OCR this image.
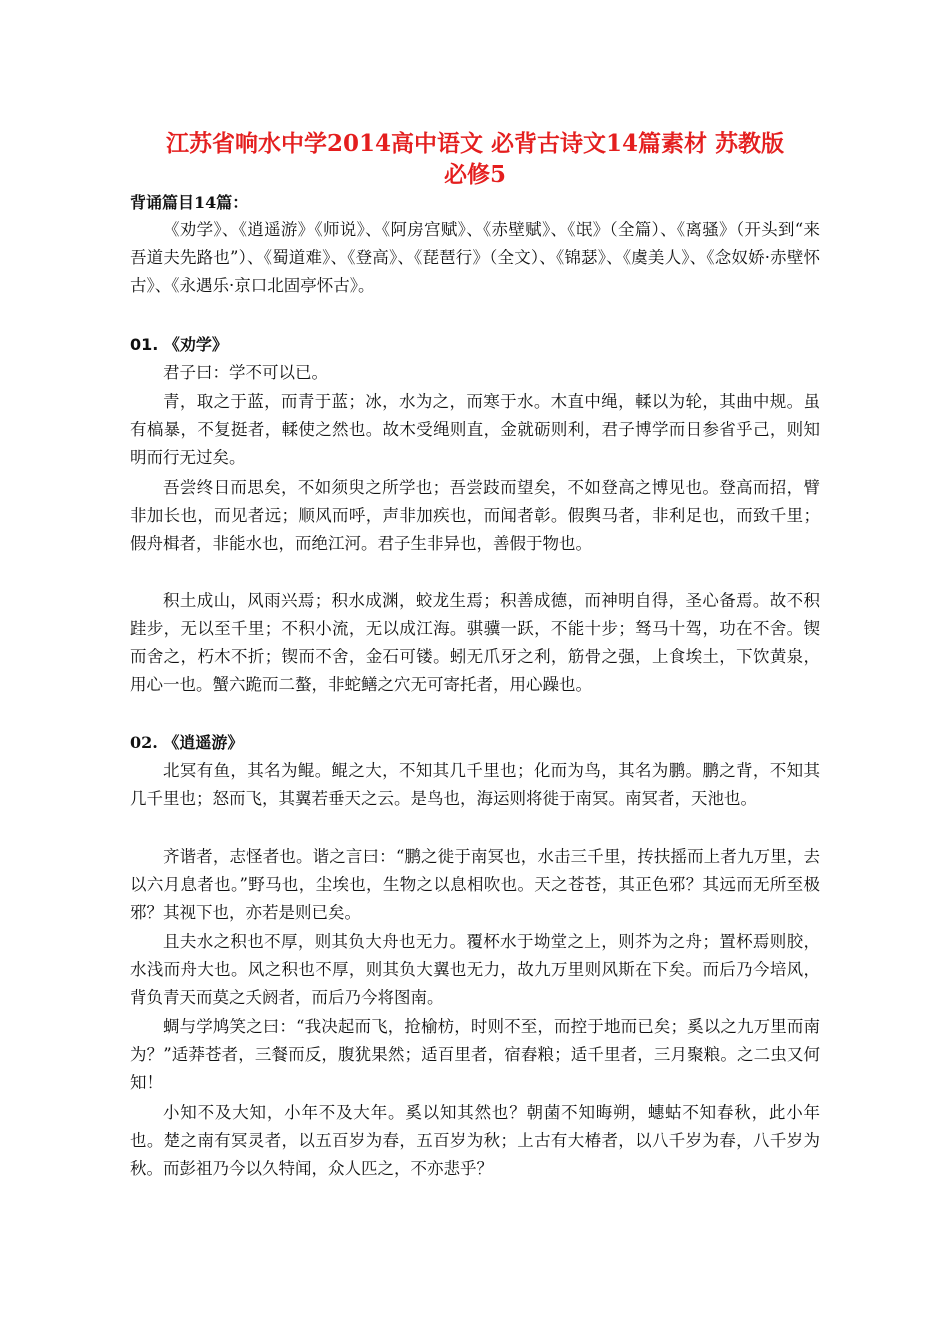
江苏省响水中学2014高中语文 必背古诗文14篇素材 苏教版
必修5
背诵篇目14篇：

《劝学》、《逍遥游》《师说》、《阿房宫赋》、《赤壁赋》、《氓》（全篇）、《离骚》（开头到“来吾道夫先路也”）、《蜀道难》、《登高》、《琵琶行》（全文）、《锦瑟》、《虞美人》、《念奴娇·赤壁怀古》、《永遇乐·京口北固亭怀古》。

01. 《劝学》

君子曰：学不可以已。

青，取之于蓝，而青于蓝；冰，水为之，而寒于水。木直中绳，輮以为轮，其曲中规。虽有槁暴，不复挺者，輮使之然也。故木受绳则直，金就砺则利，君子博学而日参省乎己，则知明而行无过矣。

吾尝终日而思矣，不如须臾之所学也；吾尝跂而望矣，不如登高之博见也。登高而招，臂非加长也，而见者远；顺风而呼，声非加疾也，而闻者彰。假舆马者，非利足也，而致千里；假舟楫者，非能水也，而绝江河。君子生非异也，善假于物也。

积土成山，风雨兴焉；积水成渊，蛟龙生焉；积善成德，而神明自得，圣心备焉。故不积跬步，无以至千里；不积小流，无以成江海。骐骥一跃，不能十步；驽马十驾，功在不舍。锲而舍之，朽木不折；锲而不舍，金石可镂。蚓无爪牙之利，筋骨之强，上食埃土，下饮黄泉，用心一也。蟹六跪而二螯，非蛇鳝之穴无可寄托者，用心躁也。

02. 《逍遥游》

北冥有鱼，其名为鲲。鲲之大，不知其几千里也；化而为鸟，其名为鹏。鹏之背，不知其几千里也；怒而飞，其翼若垂天之云。是鸟也，海运则将徙于南冥。南冥者，天池也。

齐谐者，志怪者也。谐之言曰：“鹏之徙于南冥也，水击三千里，抟扶摇而上者九万里，去以六月息者也。”野马也，尘埃也，生物之以息相吹也。天之苍苍，其正色邪？其远而无所至极邪？其视下也，亦若是则已矣。

且夫水之积也不厚，则其负大舟也无力。覆杯水于坳堂之上，则芥为之舟；置杯焉则胶，水浅而舟大也。风之积也不厚，则其负大翼也无力，故九万里则风斯在下矣。而后乃今培风，背负青天而莫之夭阏者，而后乃今将图南。

蜩与学鸠笑之曰：“我决起而飞，抢榆枋，时则不至，而控于地而已矣；奚以之九万里而南为？”适莽苍者，三餐而反，腹犹果然；适百里者，宿舂粮；适千里者，三月聚粮。之二虫又何知！

小知不及大知，小年不及大年。奚以知其然也？朝菌不知晦朔，蟪蛄不知春秋，此小年也。楚之南有冥灵者，以五百岁为春，五百岁为秋；上古有大椿者，以八千岁为春，八千岁为秋。而彭祖乃今以久特闻，众人匹之，不亦悲乎？
